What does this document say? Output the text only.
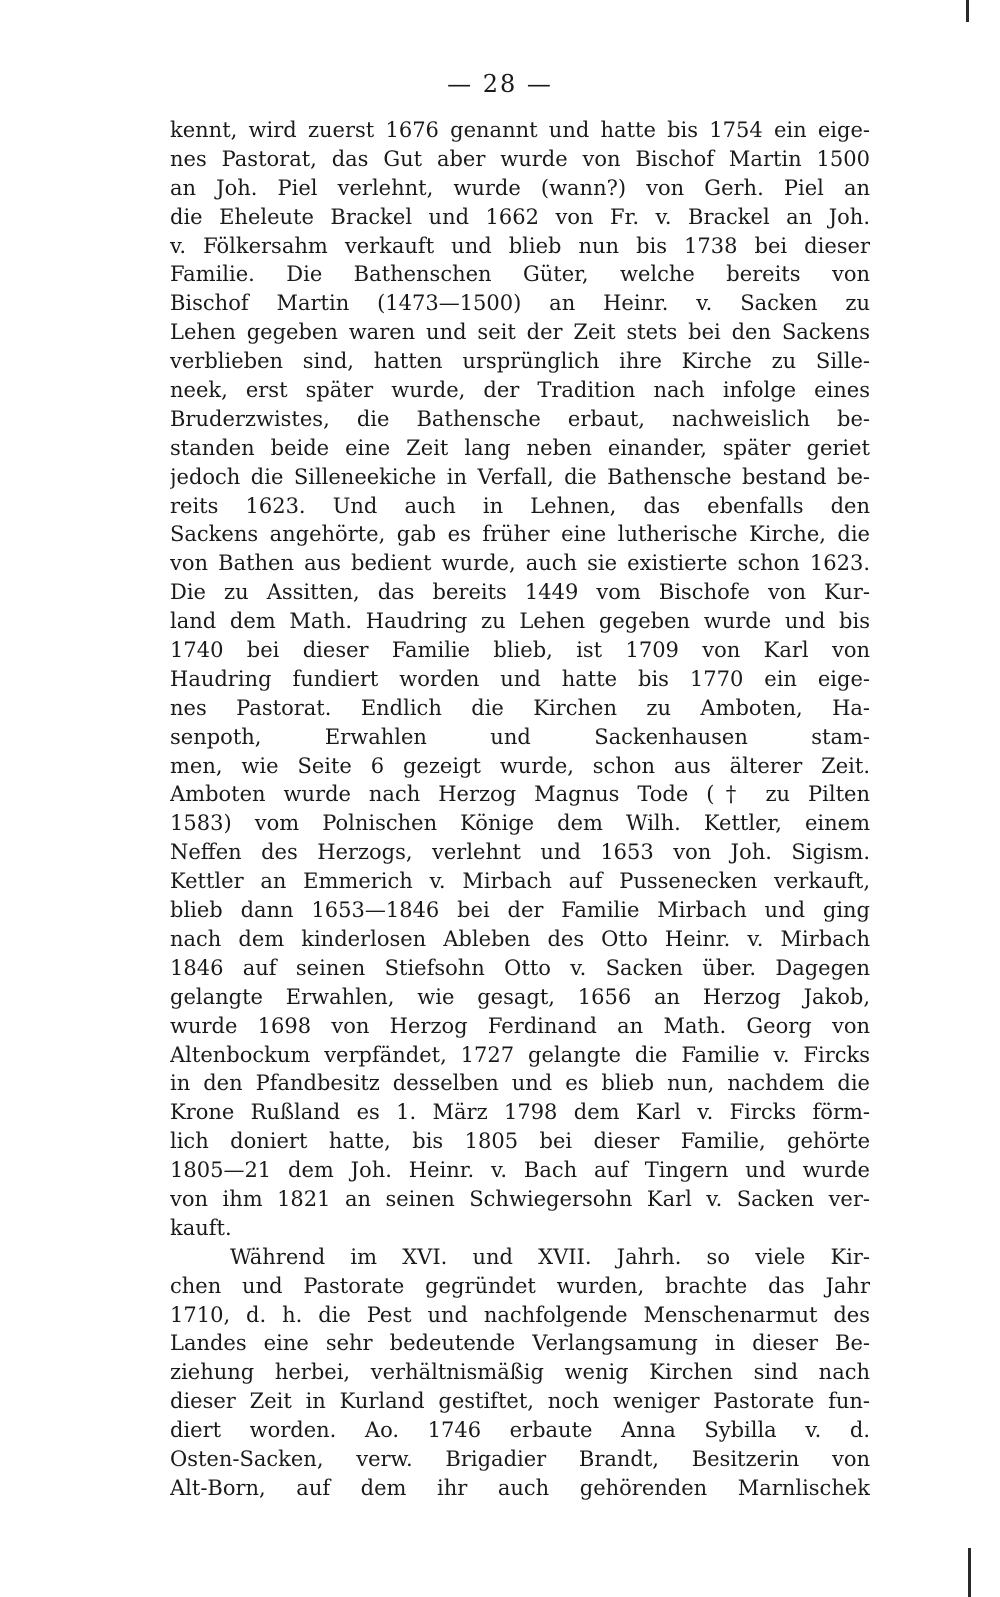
— 28 —
kennt, wird zuerst 1676 genannt und hatte bis 1754 ein eige-
nes Pastorat, das Gut aber wurde von Bischof Martin 1500
an Joh. Piel verlehnt, wurde (wann?) von Gerh. Piel an
die Eheleute Brackel und 1662 von Fr. v. Brackel an Joh.
v. Fölkersahm verkauft und blieb nun bis 1738 bei dieser
Familie. Die Bathenschen Güter, welche bereits von
Bischof Martin (1473—1500) an Heinr. v. Sacken zu
Lehen gegeben waren und seit der Zeit stets bei den Sackens
verblieben sind, hatten ursprünglich ihre Kirche zu Sille-
neek, erst später wurde, der Tradition nach infolge eines
Bruderzwistes, die Bathensche erbaut, nachweislich be-
standen beide eine Zeit lang neben einander, später geriet
jedoch die Silleneekiche in Verfall, die Bathensche bestand be-
reits 1623. Und auch in Lehnen, das ebenfalls den
Sackens angehörte, gab es früher eine lutherische Kirche, die
von Bathen aus bedient wurde, auch sie existierte schon 1623.
Die zu Assitten, das bereits 1449 vom Bischofe von Kur-
land dem Math. Haudring zu Lehen gegeben wurde und bis
1740 bei dieser Familie blieb, ist 1709 von Karl von
Haudring fundiert worden und hatte bis 1770 ein eige-
nes Pastorat. Endlich die Kirchen zu Amboten, Ha-
senpoth, Erwahlen und Sackenhausen stam-
men, wie Seite 6 gezeigt wurde, schon aus älterer Zeit.
Amboten wurde nach Herzog Magnus Tode († zu Pilten
1583) vom Polnischen Könige dem Wilh. Kettler, einem
Neffen des Herzogs, verlehnt und 1653 von Joh. Sigism.
Kettler an Emmerich v. Mirbach auf Pussenecken verkauft,
blieb dann 1653—1846 bei der Familie Mirbach und ging
nach dem kinderlosen Ableben des Otto Heinr. v. Mirbach
1846 auf seinen Stiefsohn Otto v. Sacken über. Dagegen
gelangte Erwahlen, wie gesagt, 1656 an Herzog Jakob,
wurde 1698 von Herzog Ferdinand an Math. Georg von
Altenbockum verpfändet, 1727 gelangte die Familie v. Fircks
in den Pfandbesitz desselben und es blieb nun, nachdem die
Krone Rußland es 1. März 1798 dem Karl v. Fircks förm-
lich doniert hatte, bis 1805 bei dieser Familie, gehörte
1805—21 dem Joh. Heinr. v. Bach auf Tingern und wurde
von ihm 1821 an seinen Schwiegersohn Karl v. Sacken ver-
kauft.
Während im XVI. und XVII. Jahrh. so viele Kir-
chen und Pastorate gegründet wurden, brachte das Jahr
1710, d. h. die Pest und nachfolgende Menschenarmut des
Landes eine sehr bedeutende Verlangsamung in dieser Be-
ziehung herbei, verhältnismäßig wenig Kirchen sind nach
dieser Zeit in Kurland gestiftet, noch weniger Pastorate fun-
diert worden. Ao. 1746 erbaute Anna Sybilla v. d.
Osten-Sacken, verw. Brigadier Brandt, Besitzerin von
Alt-Born, auf dem ihr auch gehörenden Marnlischek
